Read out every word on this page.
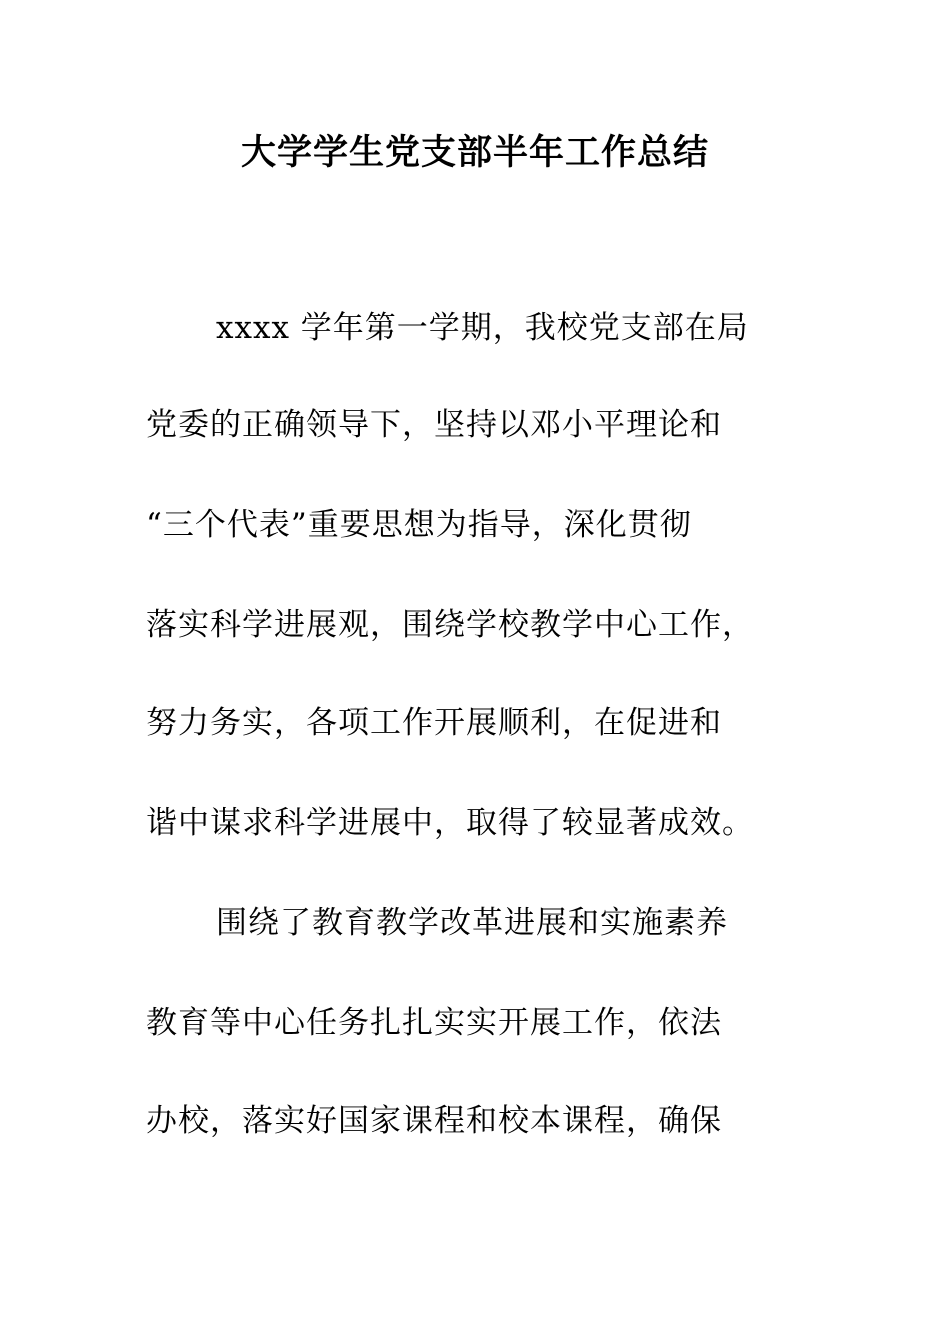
大学学生党支部半年工作总结
xxxx 学年第一学期，我校党支部在局
党委的正确领导下，坚持以邓小平理论和
“三个代表”重要思想为指导，深化贯彻
落实科学进展观，围绕学校教学中心工作，
努力务实，各项工作开展顺利，在促进和
谐中谋求科学进展中，取得了较显著成效。
围绕了教育教学改革进展和实施素养
教育等中心任务扎扎实实开展工作，依法
办校，落实好国家课程和校本课程，确保
